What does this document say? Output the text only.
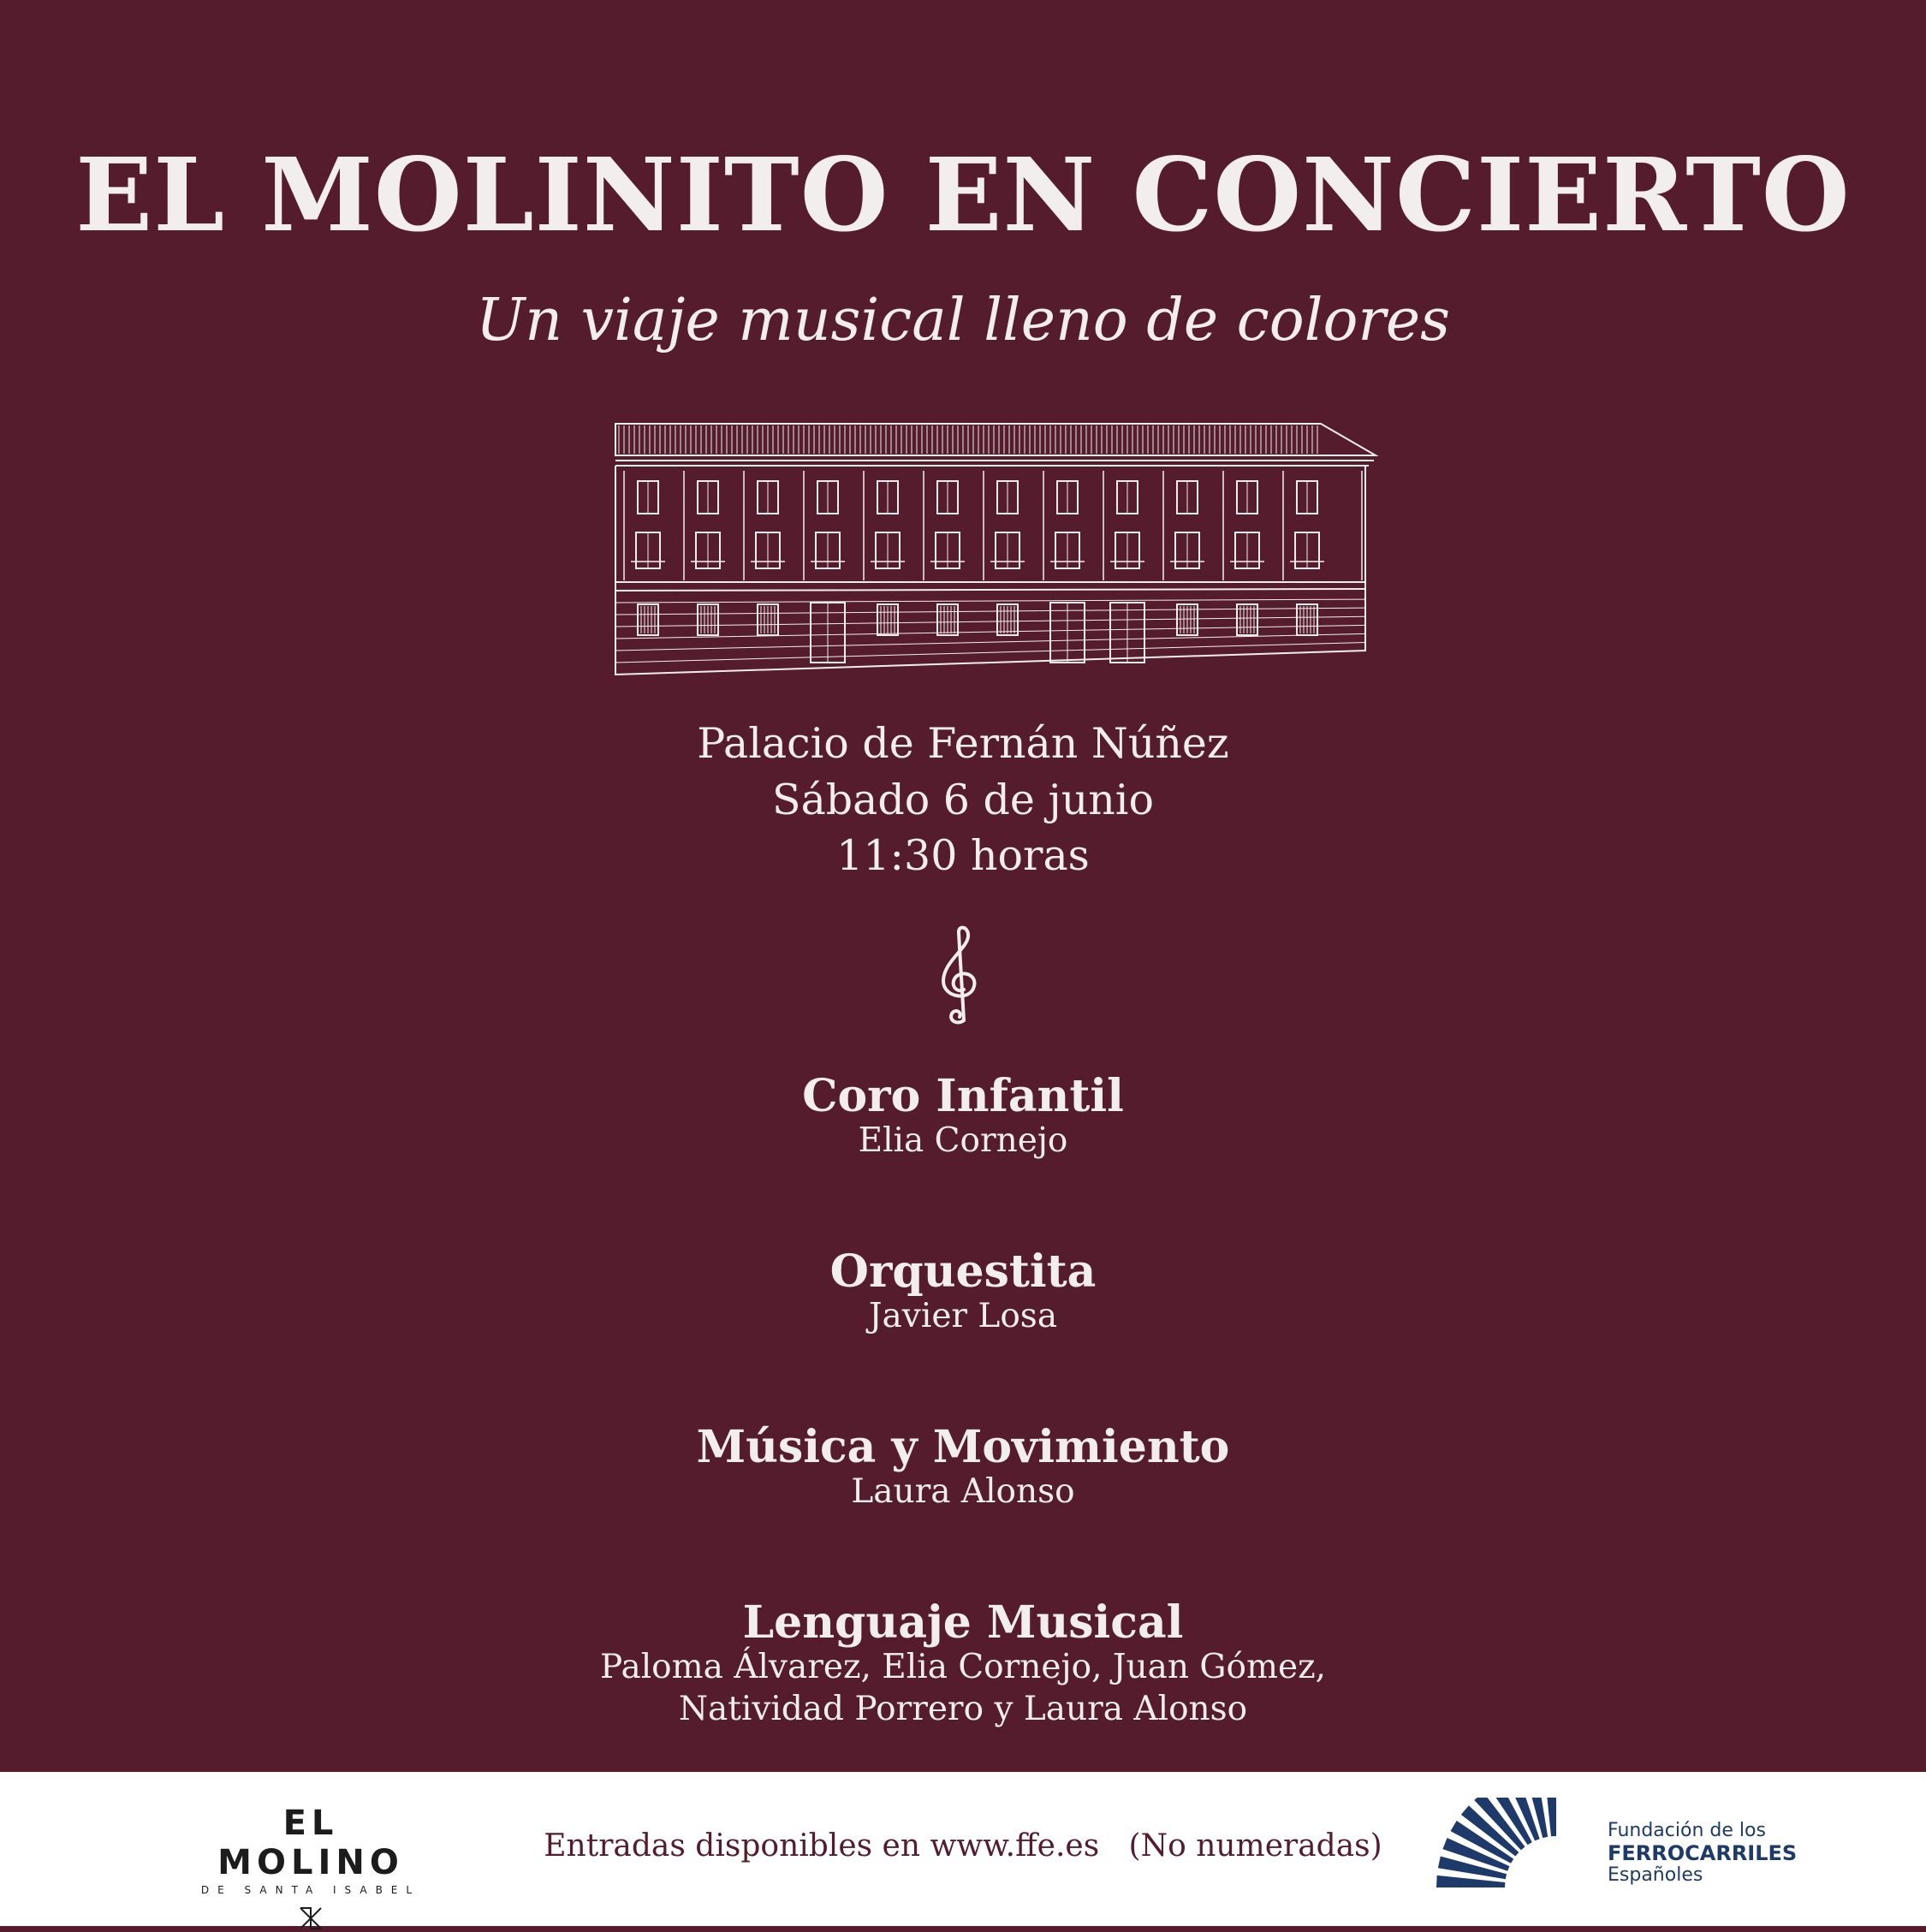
EL MOLINITO EN CONCIERTO
Un viaje musical lleno de colores
Palacio de Fernán Núñez
Sábado 6 de junio
11:30 horas
Coro Infantil
Elia Cornejo
Orquestita
Javier Losa
Música y Movimiento
Laura Alonso
Lenguaje Musical
Paloma Álvarez, Elia Cornejo, Juan Gómez,
Natividad Porrero y Laura Alonso
EL MOLINO
DE SANTA ISABEL
Entradas disponibles en www.ffe.es   (No numeradas)	Fundación de los
FERROCARRILES
Españoles
